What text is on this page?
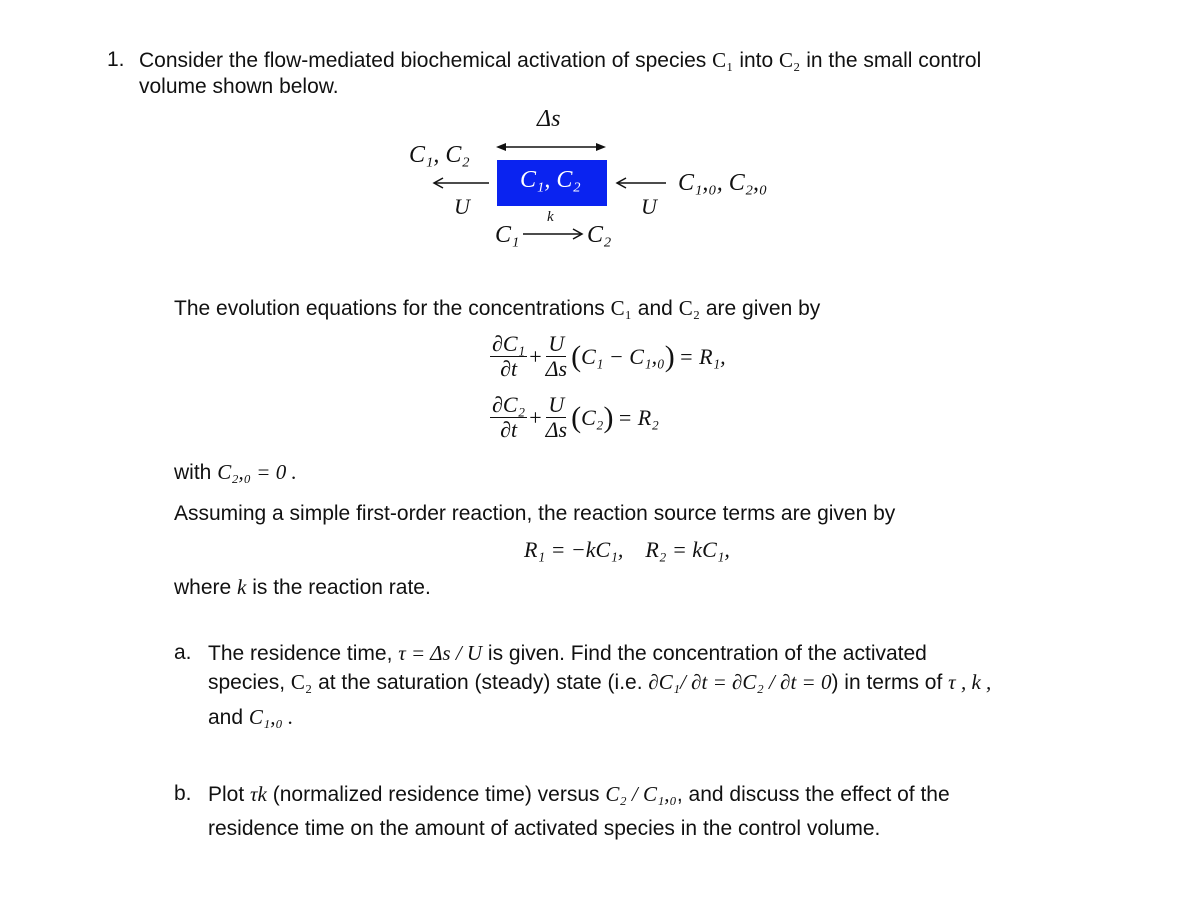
1. Consider the flow-mediated biochemical activation of species C₁ into C₂ in the small control
volume shown below.
Δs
C₁, C₂
U
C₁, C₂
U
C₁,₀, C₂,₀
C₁
k
→ C₂
The evolution equations for the concentrations C₁ and C₂ are given by
$\frac{\text{∂C₁}}{\partial t} + \frac{U}{\Delta s}$ ( C₁ − C₁,₀ ) = R₁,
$\frac{\text{∂C₂}}{\partial t} + \frac{U}{\Delta s}$ ( C₂ ) = R₂
with C₂,₀ = 0 .
Assuming a simple first-order reaction, the reaction source terms are given by
R₁ = −kC₁,    R₂ = kC₁,
where k is the reaction rate.
a. The residence time, τ = Δs / U is given. Find the concentration of the activated
species, C₂ at the saturation (steady) state (i.e. ∂C₁/ ∂t = ∂C₂ / ∂t = 0) in terms of τ , k ,
and C₁,₀ .
b. Plot τk (normalized residence time) versus C₂ / C₁,₀, and discuss the effect of the
residence time on the amount of activated species in the control volume.
